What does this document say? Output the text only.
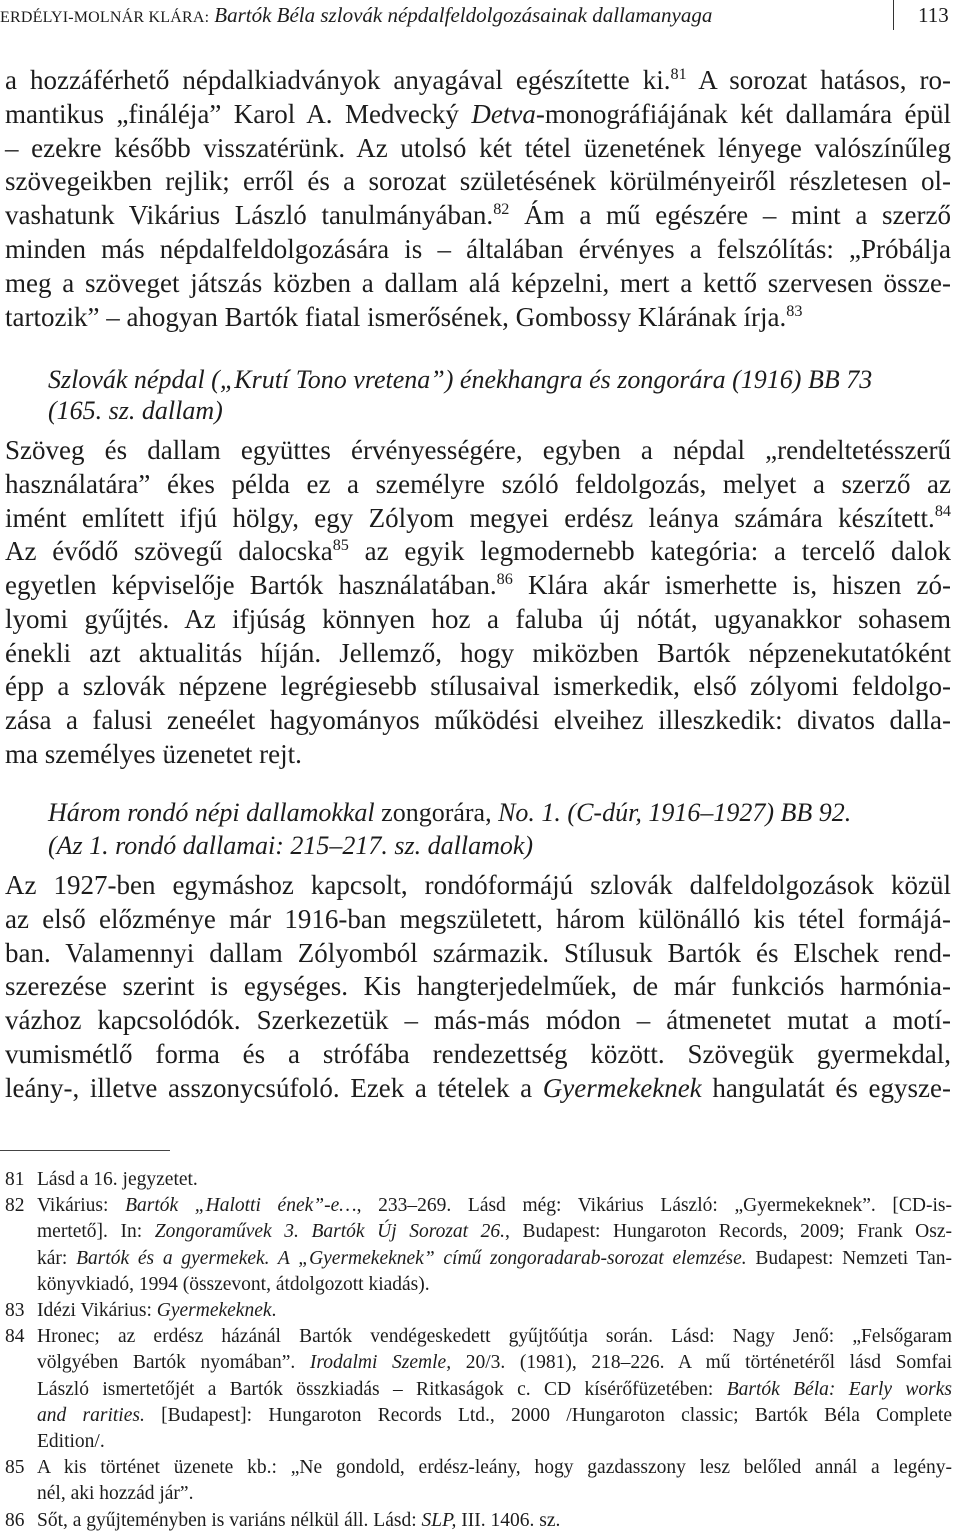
ERDÉLYI-MOLNÁR KLÁRA: Bartók Béla szlovák népdalfeldolgozásainak dallamanyaga	113
a hozzáférhető népdalkiadványok anyagával egészítette ki.$^{81}$ A sorozat hatásos, ro-
mantikus „fináléja” Karol A. Medvecký Detva-monográfiájának két dallamára épül
– ezekre később visszatérünk. Az utolsó két tétel üzenetének lényege valószínűleg
szövegeikben rejlik; erről és a sorozat születésének körülményeiről részletesen ol-
vashatunk Vikárius László tanulmányában.$^{82}$ Ám a mű egészére – mint a szerző
minden más népdalfeldolgozására is – általában érvényes a felszólítás: „Próbálja
meg a szöveget játszás közben a dallam alá képzelni, mert a kettő szervesen össze-
tartozik” – ahogyan Bartók fiatal ismerősének, Gombossy Klárának írja.$^{83}$
Szlovák népdal („Krutí Tono vretena”) énekhangra és zongorára (1916) BB 73
(165. sz. dallam)
Szöveg és dallam együttes érvényességére, egyben a népdal „rendeltetésszerű
használatára” ékes példa ez a személyre szóló feldolgozás, melyet a szerző az
imént említett ifjú hölgy, egy Zólyom megyei erdész leánya számára készített.$^{84}$
Az évődő szövegű dalocska$^{85}$ az egyik legmodernebb kategória: a tercelő dalok
egyetlen képviselője Bartók használatában.$^{86}$ Klára akár ismerhette is, hiszen zó-
lyomi gyűjtés. Az ifjúság könnyen hoz a faluba új nótát, ugyanakkor sohasem
énekli azt aktualitás híján. Jellemző, hogy miközben Bartók népzenekutatóként
épp a szlovák népzene legrégiesebb stílusaival ismerkedik, első zólyomi feldolgo-
zása a falusi zeneélet hagyományos működési elveihez illeszkedik: divatos dalla-
ma személyes üzenetet rejt.
Három rondó népi dallamokkal zongorára, No. 1. (C-dúr, 1916–1927) BB 92.
(Az 1. rondó dallamai: 215–217. sz. dallamok)
Az 1927-ben egymáshoz kapcsolt, rondóformájú szlovák dalfeldolgozások közül
az első előzménye már 1916-ban megszületett, három különálló kis tétel formájá-
ban. Valamennyi dallam Zólyomból származik. Stílusuk Bartók és Elschek rend-
szerezése szerint is egységes. Kis hangterjedelműek, de már funkciós harmónia-
vázhoz kapcsolódók. Szerkezetük – más-más módon – átmenetet mutat a motí-
vumismétlő forma és a strófába rendezettség között. Szövegük gyermekdal,
leány-, illetve asszonycsúfoló. Ezek a tételek a Gyermekeknek hangulatát és egysze-
81 Lásd a 16. jegyzetet.
82 Vikárius: Bartók „Halotti ének”-e…, 233–269. Lásd még: Vikárius László: „Gyermekeknek”. [CD-is-
mertető]. In: Zongoraművek 3. Bartók Új Sorozat 26., Budapest: Hungaroton Records, 2009; Frank Osz-
kár: Bartók és a gyermekek. A „Gyermekeknek” című zongoradarab-sorozat elemzése. Budapest: Nemzeti Tan-
könyvkiadó, 1994 (összevont, átdolgozott kiadás).
83 Idézi Vikárius: Gyermekeknek.
84 Hronec; az erdész házánál Bartók vendégeskedett gyűjtőútja során. Lásd: Nagy Jenő: „Felsőgaram
völgyében Bartók nyomában”. Irodalmi Szemle, 20/3. (1981), 218–226. A mű történetéről lásd Somfai
László ismertetőjét a Bartók összkiadás – Ritkaságok c. CD kísérőfüzetében: Bartók Béla: Early works
and rarities. [Budapest]: Hungaroton Records Ltd., 2000 /Hungaroton classic; Bartók Béla Complete
Edition/.
85 A kis történet üzenete kb.: „Ne gondold, erdész-leány, hogy gazdasszony lesz belőled annál a legény-
nél, aki hozzád jár”.
86 Sőt, a gyűjteményben is variáns nélkül áll. Lásd: SLP, III. 1406. sz.
